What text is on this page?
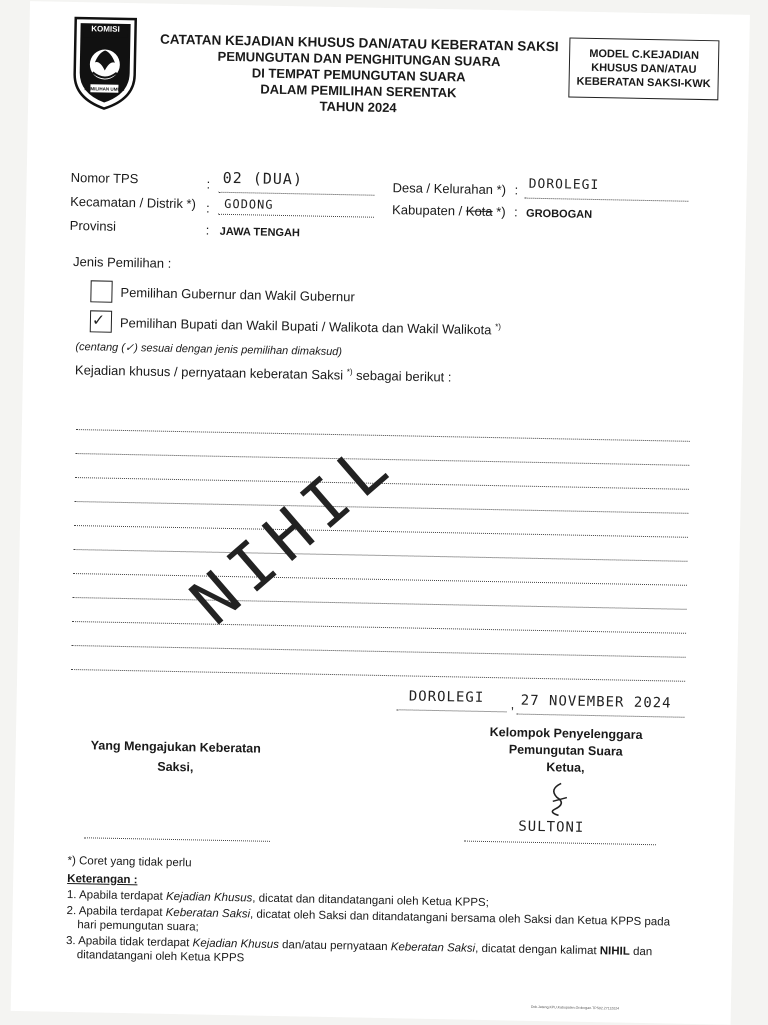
KOMISI
PEMILIHAN UMUM
CATATAN KEJADIAN KHUSUS DAN/ATAU KEBERATAN SAKSI
PEMUNGUTAN DAN PENGHITUNGAN SUARA
DI TEMPAT PEMUNGUTAN SUARA
DALAM PEMILIHAN SERENTAK
TAHUN 2024
MODEL C.KEJADIAN
KHUSUS DAN/ATAU
KEBERATAN SAKSI-KWK
Nomor TPS	: 02 (DUA)
Desa / Kelurahan *) : DOROLEGI
Kecamatan / Distrik *) : GODONG	Kabupaten / Kota *) : GROBOGAN
Provinsi	: JAWA TENGAH
Jenis Pemilihan :
Pemilihan Gubernur dan Wakil Gubernur
✓ Pemilihan Bupati dan Wakil Bupati / Walikota dan Wakil Walikota *)
(centang (✓) sesuai dengan jenis pemilihan dimaksud)
Kejadian khusus / pernyataan keberatan Saksi *) sebagai berikut :
NIHIL
DOROLEGI , 27 NOVEMBER 2024
Yang Mengajukan Keberatan
Saksi,
Kelompok Penyelenggara
Pemungutan Suara
Ketua,
SULTONI
*) Coret yang tidak perlu
Keterangan :
1. Apabila terdapat Kejadian Khusus, dicatat dan ditandatangani oleh Ketua KPPS;
2. Apabila terdapat Keberatan Saksi, dicatat oleh Saksi dan ditandatangani bersama oleh Saksi dan Ketua KPPS pada
hari pemungutan suara;
3. Apabila tidak terdapat Kejadian Khusus dan/atau pernyataan Keberatan Saksi, dicatat dengan kalimat NIHIL dan
ditandatangani oleh Ketua KPPS
Dok.Jateng.KPU.Kabupaten.Grobogan.TPS02.27112024
